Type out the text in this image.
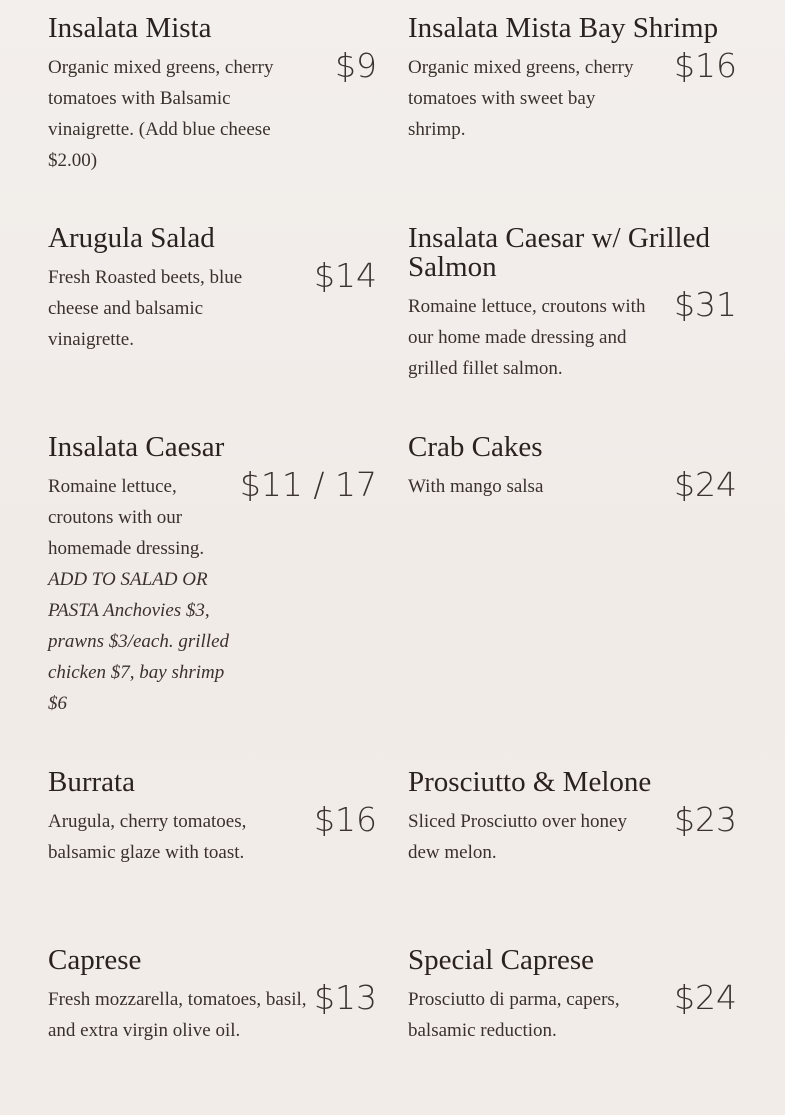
Insalata Mista

Organic mixed greens, cherry tomatoes with Balsamic vinaigrette. (Add blue cheese $2.00)

$9
Insalata Mista Bay Shrimp

Organic mixed greens, cherry tomatoes with sweet bay shrimp.

$16
Arugula Salad

Fresh Roasted beets, blue cheese and balsamic vinaigrette.

$14
Insalata Caesar w/ Grilled Salmon

Romaine lettuce, croutons with our home made dressing and grilled fillet salmon.

$31
Insalata Caesar

Romaine lettuce, croutons with our homemade dressing. ADD TO SALAD OR PASTA Anchovies $3, prawns $3/each. grilled chicken $7, bay shrimp $6

$11 / 17
Crab Cakes

With mango salsa	$24
Burrata

Arugula, cherry tomatoes, balsamic glaze with toast.

$16
Prosciutto & Melone

Sliced Prosciutto over honey dew melon.

$23
Caprese

Fresh mozzarella, tomatoes, basil, and extra virgin olive oil.

$13
Special Caprese

Prosciutto di parma, capers, balsamic reduction.

$24
